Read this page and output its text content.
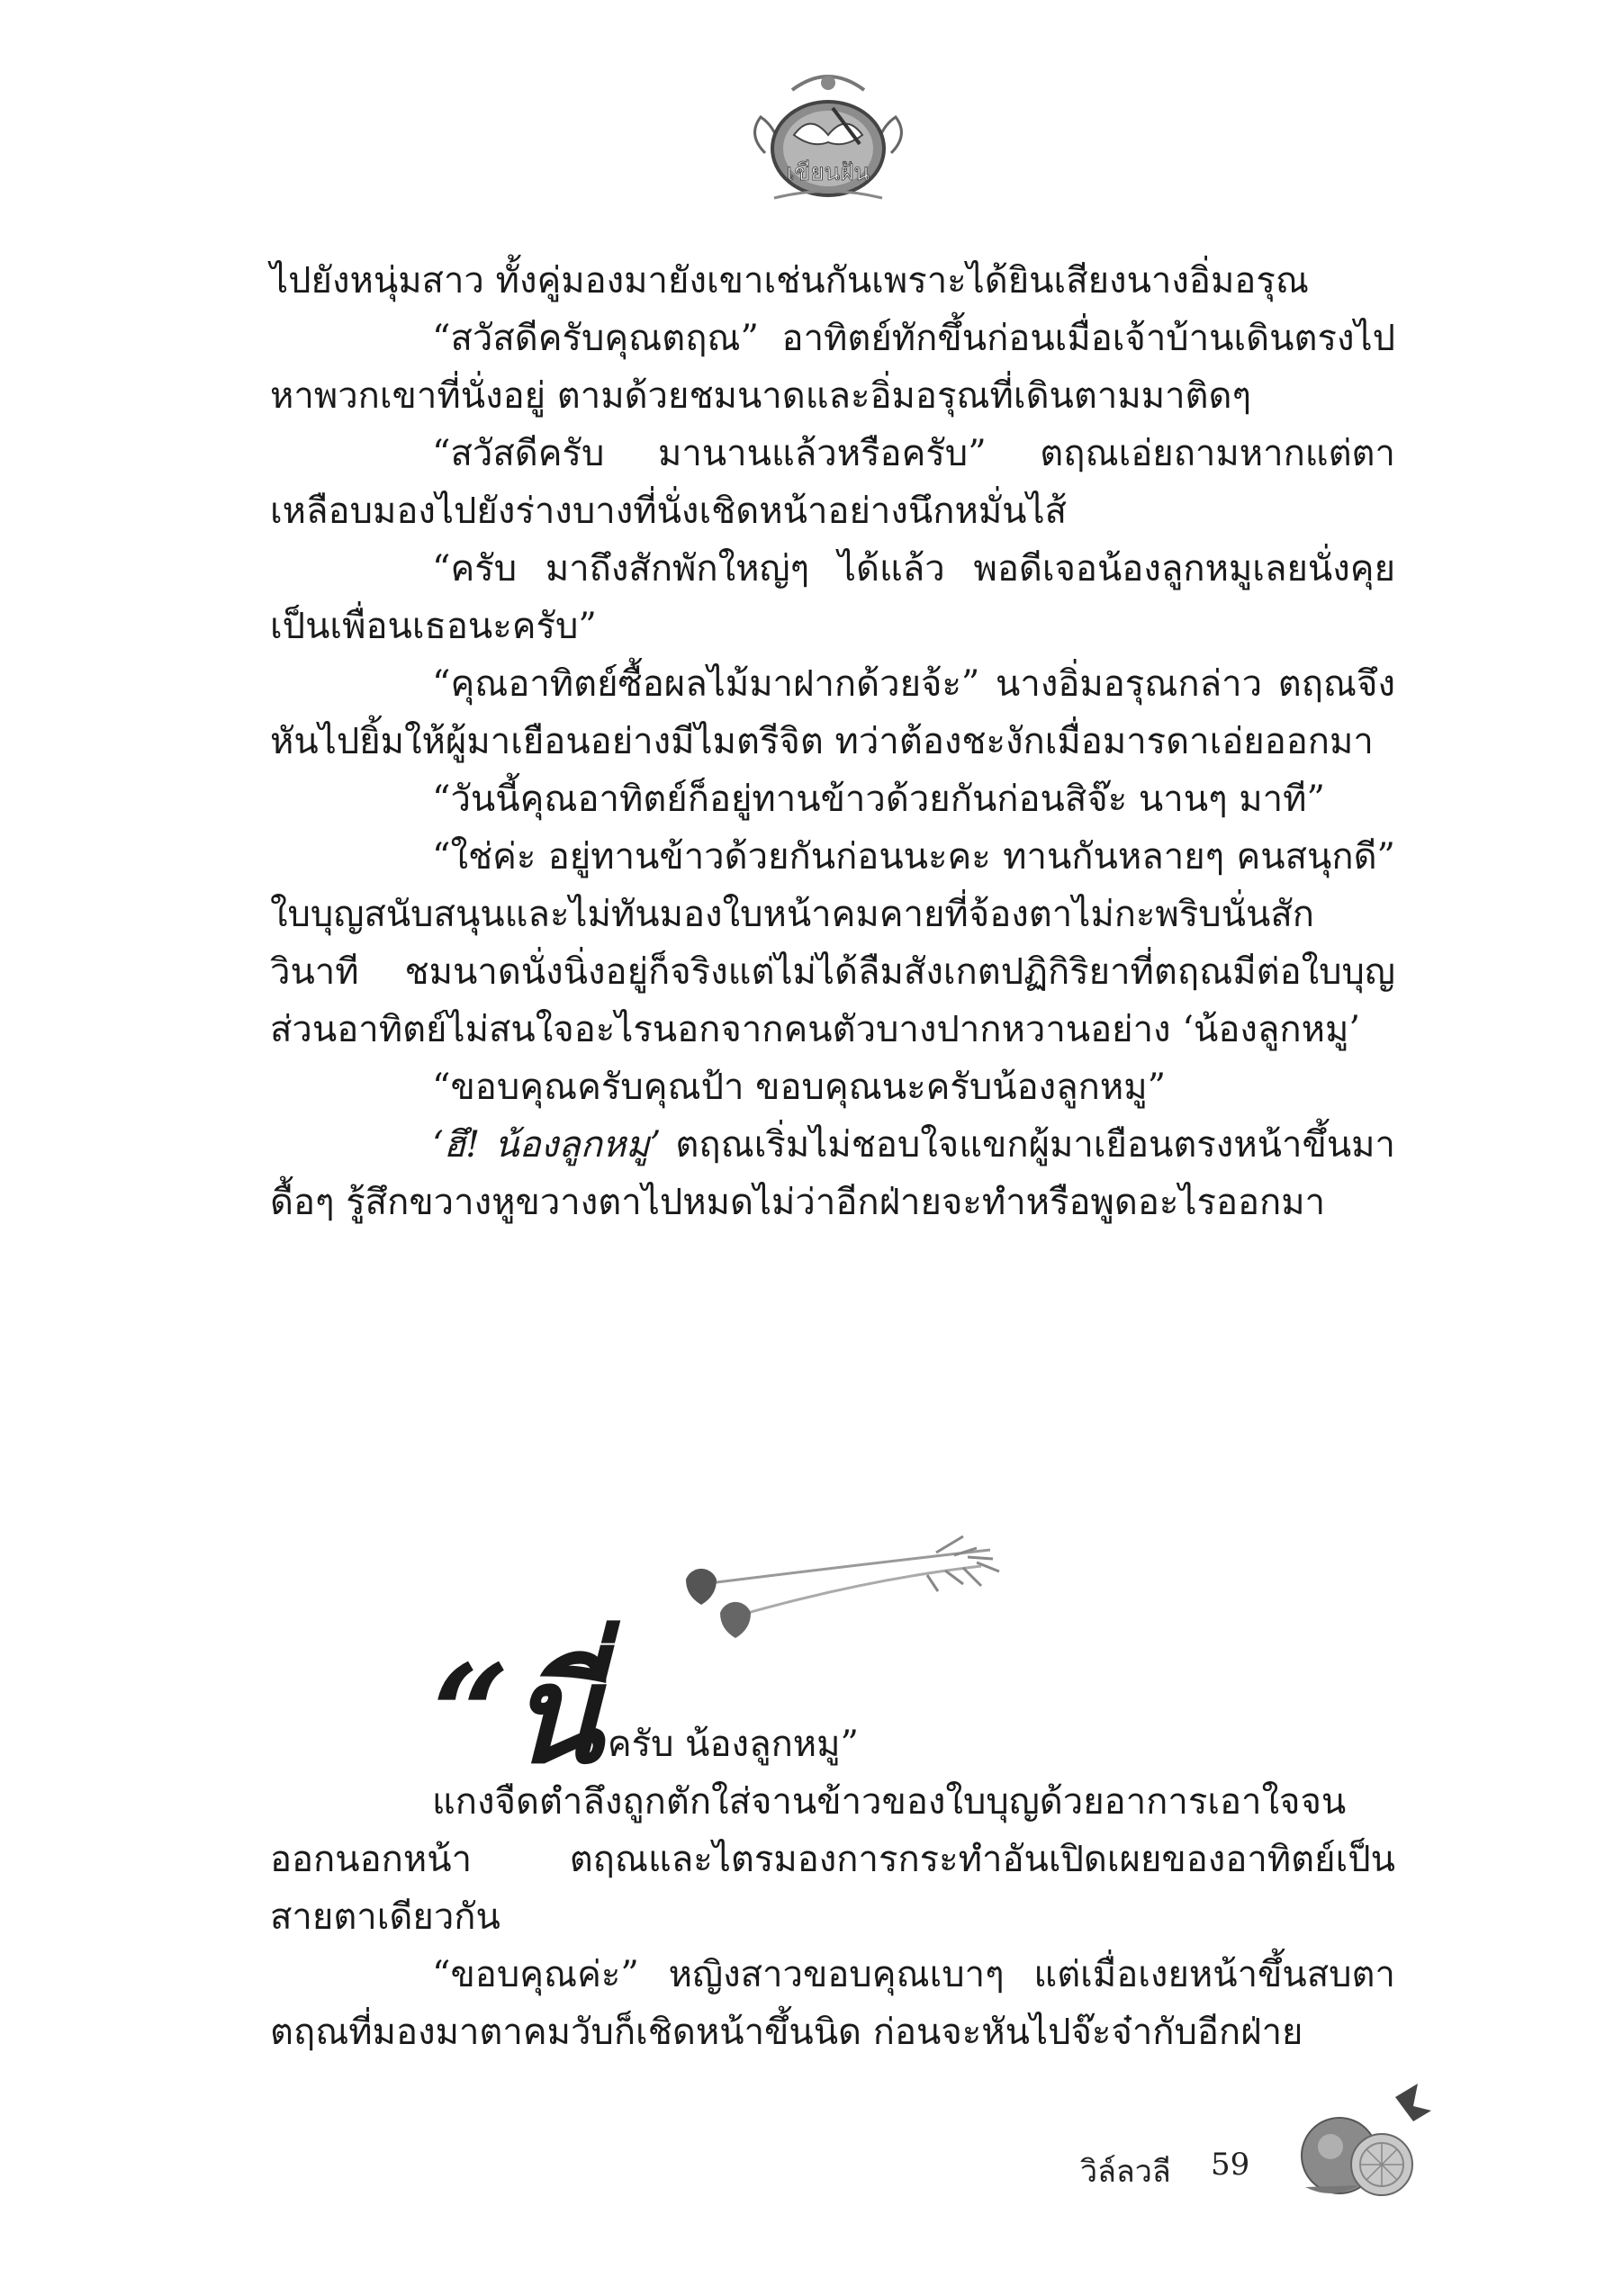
เขียนฝัน

ไปยังหนุ่มสาว ทั้งคู่มองมายังเขาเช่นกันเพราะได้ยินเสียงนางอิ่มอรุณ

“สวัสดีครับคุณตฤณ” อาทิตย์ทักขึ้นก่อนเมื่อเจ้าบ้านเดินตรงไปหาพวกเขาที่นั่งอยู่ ตามด้วยชมนาดและอิ่มอรุณที่เดินตามมาติดๆ

“สวัสดีครับ มานานแล้วหรือครับ” ตฤณเอ่ยถามหากแต่ตาเหลือบมองไปยังร่างบางที่นั่งเชิดหน้าอย่างนึกหมั่นไส้

“ครับ มาถึงสักพักใหญ่ๆ ได้แล้ว พอดีเจอน้องลูกหมูเลยนั่งคุยเป็นเพื่อนเธอนะครับ”

“คุณอาทิตย์ซื้อผลไม้มาฝากด้วยจ้ะ” นางอิ่มอรุณกล่าว ตฤณจึงหันไปยิ้มให้ผู้มาเยือนอย่างมีไมตรีจิต ทว่าต้องชะงักเมื่อมารดาเอ่ยออกมา

“วันนี้คุณอาทิตย์ก็อยู่ทานข้าวด้วยกันก่อนสิจ๊ะ นานๆ มาที”

“ใช่ค่ะ อยู่ทานข้าวด้วยกันก่อนนะคะ ทานกันหลายๆ คนสนุกดี” ใบบุญสนับสนุนและไม่ทันมองใบหน้าคมคายที่จ้องตาไม่กะพริบนั่นสักวินาที ชมนาดนั่งนิ่งอยู่ก็จริงแต่ไม่ได้ลืมสังเกตปฏิกิริยาที่ตฤณมีต่อใบบุญ ส่วนอาทิตย์ไม่สนใจอะไรนอกจากคนตัวบางปากหวานอย่าง ‘น้องลูกหมู’

“ขอบคุณครับคุณป้า ขอบคุณนะครับน้องลูกหมู”

‘ฮึ! น้องลูกหมู’ ตฤณเริ่มไม่ชอบใจแขกผู้มาเยือนตรงหน้าขึ้นมาดื้อๆ รู้สึกขวางหูขวางตาไปหมดไม่ว่าอีกฝ่ายจะทำหรือพูดอะไรออกมา

“นี่ครับ น้องลูกหมู”

แกงจืดตำลึงถูกตักใส่จานข้าวของใบบุญด้วยอาการเอาใจจนออกนอกหน้า ตฤณและไตรมองการกระทำอันเปิดเผยของอาทิตย์เป็นสายตาเดียวกัน

“ขอบคุณค่ะ” หญิงสาวขอบคุณเบาๆ แต่เมื่อเงยหน้าขึ้นสบตาตฤณที่มองมาตาคมวับก็เชิดหน้าขึ้นนิด ก่อนจะหันไปจ๊ะจ๋ากับอีกฝ่าย

วิล์ลวลี 59
